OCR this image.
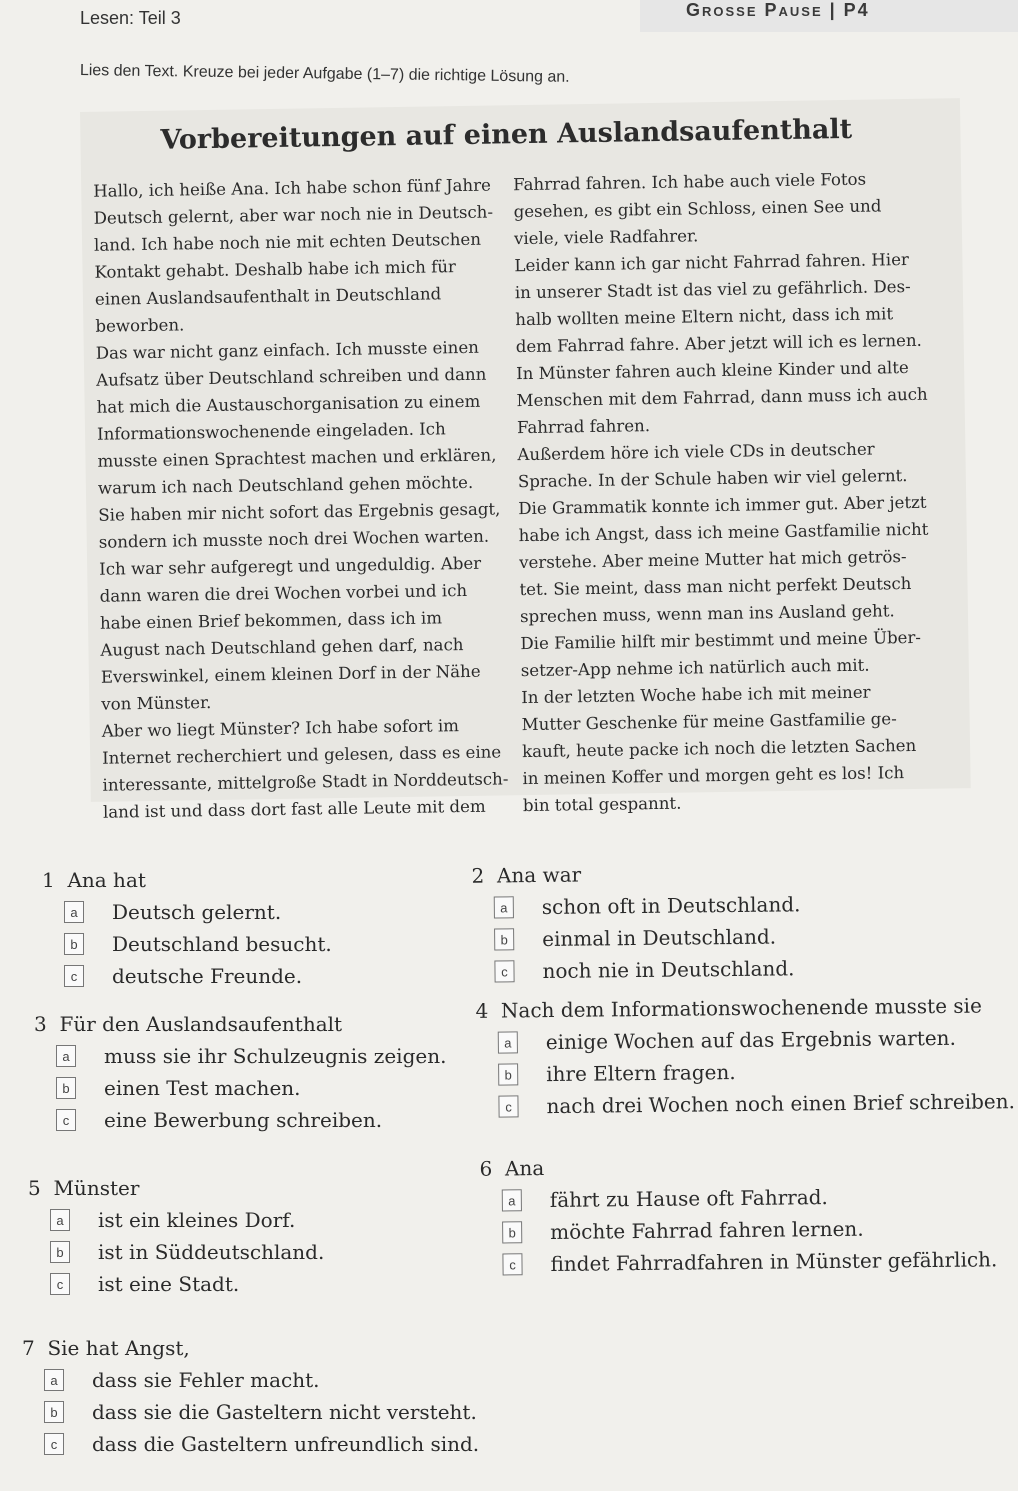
Lesen: Teil 3	Grosse Pause | P4
Lies den Text. Kreuze bei jeder Aufgabe (1–7) die richtige Lösung an.
Vorbereitungen auf einen Auslandsaufenthalt

Hallo, ich heiße Ana. Ich habe schon fünf Jahre

Deutsch gelernt, aber war noch nie in Deutsch-

land. Ich habe noch nie mit echten Deutschen

Kontakt gehabt. Deshalb habe ich mich für

einen Auslandsaufenthalt in Deutschland

beworben.

Das war nicht ganz einfach. Ich musste einen

Aufsatz über Deutschland schreiben und dann

hat mich die Austauschorganisation zu einem

Informationswochenende eingeladen. Ich

musste einen Sprachtest machen und erklären,

warum ich nach Deutschland gehen möchte.

Sie haben mir nicht sofort das Ergebnis gesagt,

sondern ich musste noch drei Wochen warten.

Ich war sehr aufgeregt und ungeduldig. Aber

dann waren die drei Wochen vorbei und ich

habe einen Brief bekommen, dass ich im

August nach Deutschland gehen darf, nach

Everswinkel, einem kleinen Dorf in der Nähe

von Münster.

Aber wo liegt Münster? Ich habe sofort im

Internet recherchiert und gelesen, dass es eine

interessante, mittelgroße Stadt in Norddeutsch-

land ist und dass dort fast alle Leute mit dem

Fahrrad fahren. Ich habe auch viele Fotos

gesehen, es gibt ein Schloss, einen See und

viele, viele Radfahrer.

Leider kann ich gar nicht Fahrrad fahren. Hier

in unserer Stadt ist das viel zu gefährlich. Des-

halb wollten meine Eltern nicht, dass ich mit

dem Fahrrad fahre. Aber jetzt will ich es lernen.

In Münster fahren auch kleine Kinder und alte

Menschen mit dem Fahrrad, dann muss ich auch

Fahrrad fahren.

Außerdem höre ich viele CDs in deutscher

Sprache. In der Schule haben wir viel gelernt.

Die Grammatik konnte ich immer gut. Aber jetzt

habe ich Angst, dass ich meine Gastfamilie nicht

verstehe. Aber meine Mutter hat mich getrös-

tet. Sie meint, dass man nicht perfekt Deutsch

sprechen muss, wenn man ins Ausland geht.

Die Familie hilft mir bestimmt und meine Über-

setzer-App nehme ich natürlich auch mit.

In der letzten Woche habe ich mit meiner

Mutter Geschenke für meine Gastfamilie ge-

kauft, heute packe ich noch die letzten Sachen

in meinen Koffer und morgen geht es los! Ich

bin total gespannt.

1 Ana hat
a	Deutsch gelernt.
b	Deutschland besucht.
c	deutsche Freunde.
2 Ana war
a	schon oft in Deutschland.
b	einmal in Deutschland.
c	noch nie in Deutschland.
3 Für den Auslandsaufenthalt
a	muss sie ihr Schulzeugnis zeigen.
b	einen Test machen.
c	eine Bewerbung schreiben.
4 Nach dem Informationswochenende musste sie
a	einige Wochen auf das Ergebnis warten.
b	ihre Eltern fragen.
c	nach drei Wochen noch einen Brief schreiben.
5 Münster
a	ist ein kleines Dorf.
b	ist in Süddeutschland.
c	ist eine Stadt.
6 Ana
a	fährt zu Hause oft Fahrrad.
b	möchte Fahrrad fahren lernen.
c	findet Fahrradfahren in Münster gefährlich.
7 Sie hat Angst,
a	dass sie Fehler macht.
b	dass sie die Gasteltern nicht versteht.
c	dass die Gasteltern unfreundlich sind.
